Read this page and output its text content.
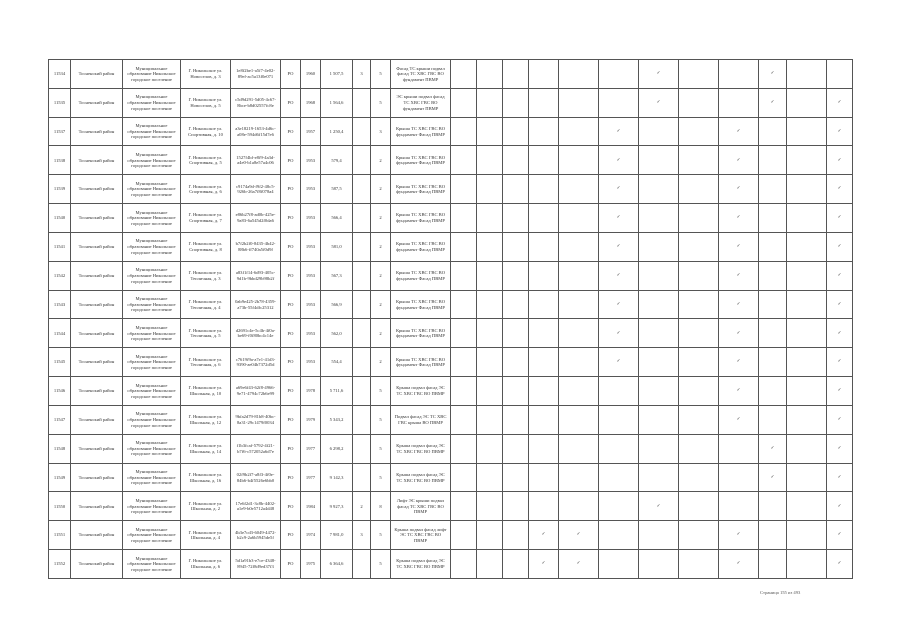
11534	Тосненский район	Муниципальное образование Никольское городское поселение	Г. Никольское ул. Новоселов, д. 3	1e8f2be1-a5f7-4e02-89ef-ac5a13f0e071	РО	1960	1 507,5	3	5	Фасад ТС крыши подвал фасад ТС ХВС ГВС ВО фундамент ПВМР							✓			✓		
11535	Тосненский район	Муниципальное образование Никольское городское поселение	Г. Никольское ул. Новоселов, д. 5	c5d9d291-5d05-4c67-8bce-b8d02557fc8e	РО	1968	1 564,6		5	ЭС крыши подвал фасад ТС ХВС ГВС ВО фундамент ПВМР							✓			✓		✓
11537	Тосненский район	Муниципальное образование Никольское городское поселение	Г. Никольское ул. Спортивная, д. 10	a3e18219-1653-4d6c-a08e-594d6f15d7e6	РО	1957	1 250,4		3	Крыша ТС ХВС ГВС ВО фундамент Фасад ПВМР						✓			✓			✓
11538	Тосненский район	Муниципальное образование Никольское городское поселение	Г. Никольское ул. Спортивная, д. 5	1527f4bf-e8f9-4a3d-a4e0-b1a8e57a4c06	РО	1953	579,4		2	Крыша ТС ХВС ГВС ВО фундамент Фасад ПВМР						✓			✓			✓
11539	Тосненский район	Муниципальное образование Никольское городское поселение	Г. Никольское ул. Спортивная, д. 6	c9174a9d-f9f2-48c5-926b-26a7f8f078a4	РО	1953	587,5		2	Крыша ТС ХВС ГВС ВО фундамент Фасад ПВМР						✓			✓			✓
11540	Тосненский район	Муниципальное образование Никольское городское поселение	Г. Никольское ул. Спортивная, д. 7	e86b27f8-ad0b-425e-9a83-6a545d2f0da6	РО	1953	566,4		2	Крыша ТС ХВС ГВС ВО фундамент Фасад ПВМР						✓			✓			✓
11541	Тосненский район	Муниципальное образование Никольское городское поселение	Г. Никольское ул. Спортивная, д. 8	b7f2b2f0-8435-4b42-88b6-ff740a5f0d9f	РО	1953	581,0		2	Крыша ТС ХВС ГВС ВО фундамент Фасад ПВМР						✓			✓			✓
11542	Тосненский район	Муниципальное образование Никольское городское поселение	Г. Никольское ул. Тепличная, д. 3	a83f1f14-6d93-405c-9d1b-9bbd29b98b2f	РО	1953	567,3		2	Крыша ТС ХВС ГВС ВО фундамент Фасад ПВМР						✓			✓			✓
11543	Тосненский район	Муниципальное образование Никольское городское поселение	Г. Никольское ул. Тепличная, д. 4	0ab9e425-2b78-4359-a73b-55f4dfc25312	РО	1953	566,9		2	Крыша ТС ХВС ГВС ВО фундамент Фасад ПВМР						✓			✓			✓
11544	Тосненский район	Муниципальное образование Никольское городское поселение	Г. Никольское ул. Тепличная, д. 5	d2691c4e-5c4b-4f0a-be69-f0f80bc4c14e	РО	1953	562,0		2	Крыша ТС ХВС ГВС ВО фундамент Фасад ПВМР						✓			✓			✓
11545	Тосненский район	Муниципальное образование Никольское городское поселение	Г. Никольское ул. Тепличная, д. 6	c7619f9a-a7e1-41d3-9390-ae04b7372d5d	РО	1953	554,4		2	Крыша ТС ХВС ГВС ВО фундамент Фасад ПВМР						✓			✓			✓
11546	Тосненский район	Муниципальное образование Никольское городское поселение	Г. Никольское ул. Школьная, д. 10	a69e6f43-62f8-4966-9e71-4794c72b6e99	РО	1978	5 711,6		5	Крыша подвал фасад ЭС ТС ХВС ГВС ВО ПВМР									✓			✓
11547	Тосненский район	Муниципальное образование Никольское городское поселение	Г. Никольское ул. Школьная, д. 12	9bfa2d79-81b8-40bc-8a31-29c1479f0034	РО	1979	5 343,2		5	Подвал фасад ЭС ТС ХВС ГВС крыша ВО ПВМР									✓			✓
11548	Тосненский район	Муниципальное образование Никольское городское поселение	Г. Никольское ул. Школьная, д. 14	f1b3fcaf-5792-4f21-b7f6-c572052a6d7e	РО	1977	6 298,2		5	Крыша подвал фасад ЭС ТС ХВС ГВС ВО ПВМР										✓		✓
11549	Тосненский район	Муниципальное образование Никольское городское поселение	Г. Никольское ул. Школьная, д. 16	02f9b2f7-a8f3-4f0e-84b6-b4f5526e6bb0	РО	1977	9 142,3		5	Крыша подвал фасад ЭС ТС ХВС ГВС ВО ПВМР										✓		✓
11550	Тосненский район	Муниципальное образование Никольское городское поселение	Г. Никольское ул. Школьная, д. 2	17e6f2d1-3c8b-4402-a1e9-b0e5712a4d48	РО	1984	9 927,3	2	8	Лифт ЭС крыши подвал фасад ТС ХВС ГВС ВО ПВМР							✓					✓
11551	Тосненский район	Муниципальное образование Никольское городское поселение	Г. Никольское ул. Школьная, д. 4	4b3e7cd3-6049-4472-b2c9-2a6b5945de5f	РО	1974	7 981,0	3	5	Крыша подвал фасад лифт ЭС ТС ХВС ГВС ВО ПВМР				✓	✓				✓			✓
11552	Тосненский район	Муниципальное образование Никольское городское поселение	Г. Никольское ул. Школьная, д. 6	5d1a91b3-e7ce-4348-8945-72f8d9ed37f3	РО	1975	6 364,6		5	Крыша подвал фасад ЭС ТС ХВС ГВС ВО ПВМР				✓	✓				✓			✓
Страница 155 из 493
